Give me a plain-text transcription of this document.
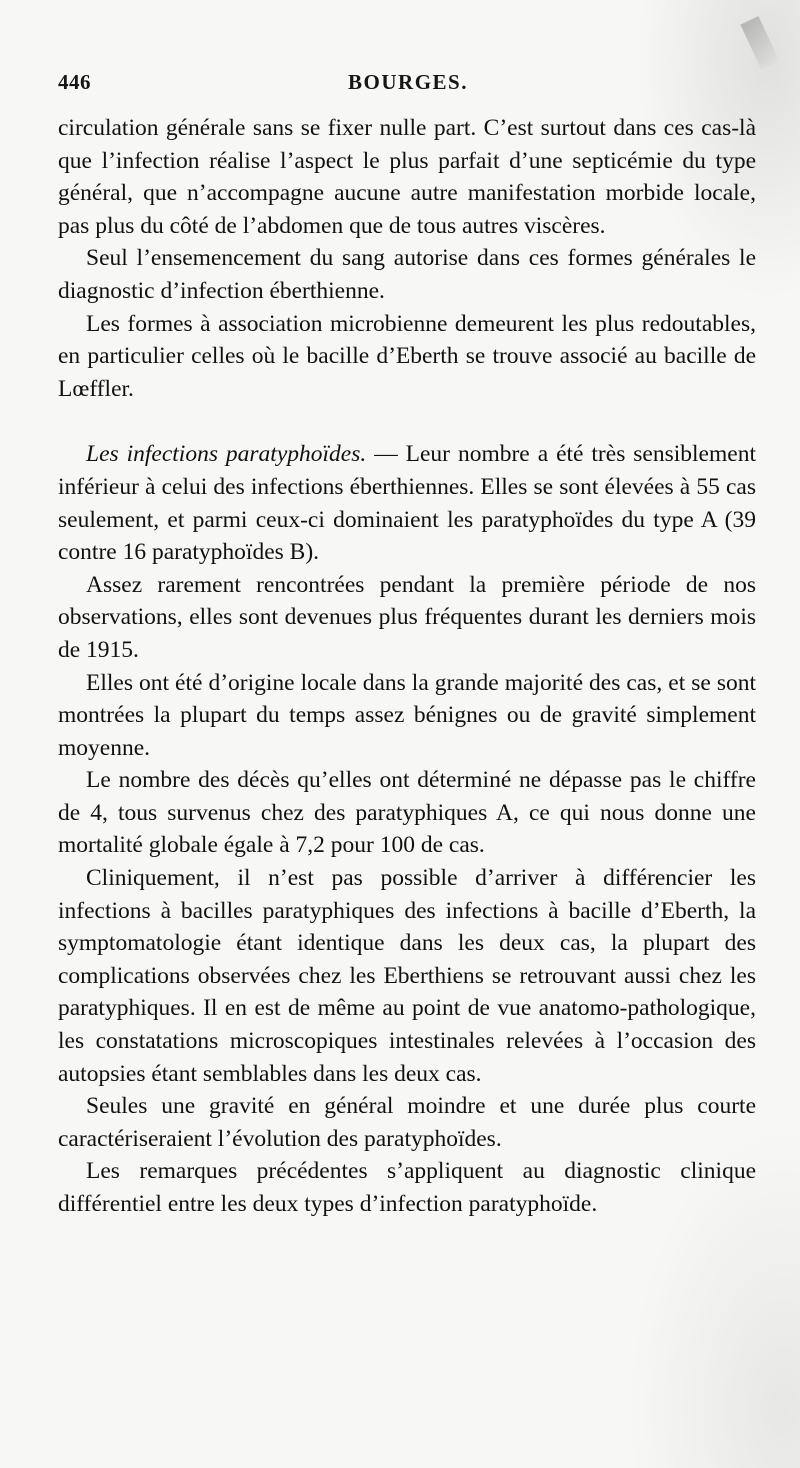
446	BOURGES.

circulation générale sans se fixer nulle part. C’est surtout dans ces cas-là que l’infection réalise l’aspect le plus parfait d’une septicémie du type général, que n’accompagne aucune autre manifestation morbide locale, pas plus du côté de l’abdomen que de tous autres viscères.

Seul l’ensemencement du sang autorise dans ces formes générales le diagnostic d’infection éberthienne.

Les formes à association microbienne demeurent les plus redoutables, en particulier celles où le bacille d’Eberth se trouve associé au bacille de Lœffler.

Les infections paratyphoïdes. — Leur nombre a été très sensiblement inférieur à celui des infections éberthiennes. Elles se sont élevées à 55 cas seulement, et parmi ceux-ci dominaient les paratyphoïdes du type A (39 contre 16 paratyphoïdes B).

Assez rarement rencontrées pendant la première période de nos observations, elles sont devenues plus fréquentes durant les derniers mois de 1915.

Elles ont été d’origine locale dans la grande majorité des cas, et se sont montrées la plupart du temps assez bénignes ou de gravité simplement moyenne.

Le nombre des décès qu’elles ont déterminé ne dépasse pas le chiffre de 4, tous survenus chez des paratyphiques A, ce qui nous donne une mortalité globale égale à 7,2 pour 100 de cas.

Cliniquement, il n’est pas possible d’arriver à différencier les infections à bacilles paratyphiques des infections à bacille d’Eberth, la symptomatologie étant identique dans les deux cas, la plupart des complications observées chez les Eberthiens se retrouvant aussi chez les paratyphiques. Il en est de même au point de vue anatomo-pathologique, les constatations microscopiques intestinales relevées à l’occasion des autopsies étant semblables dans les deux cas.

Seules une gravité en général moindre et une durée plus courte caractériseraient l’évolution des paratyphoïdes.

Les remarques précédentes s’appliquent au diagnostic clinique différentiel entre les deux types d’infection paratyphoïde.
